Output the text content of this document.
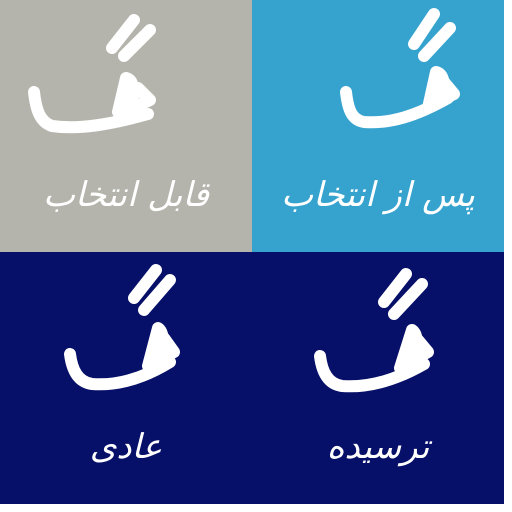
قابل انتخاب	پس از انتخاب
عادی	ترسیده
